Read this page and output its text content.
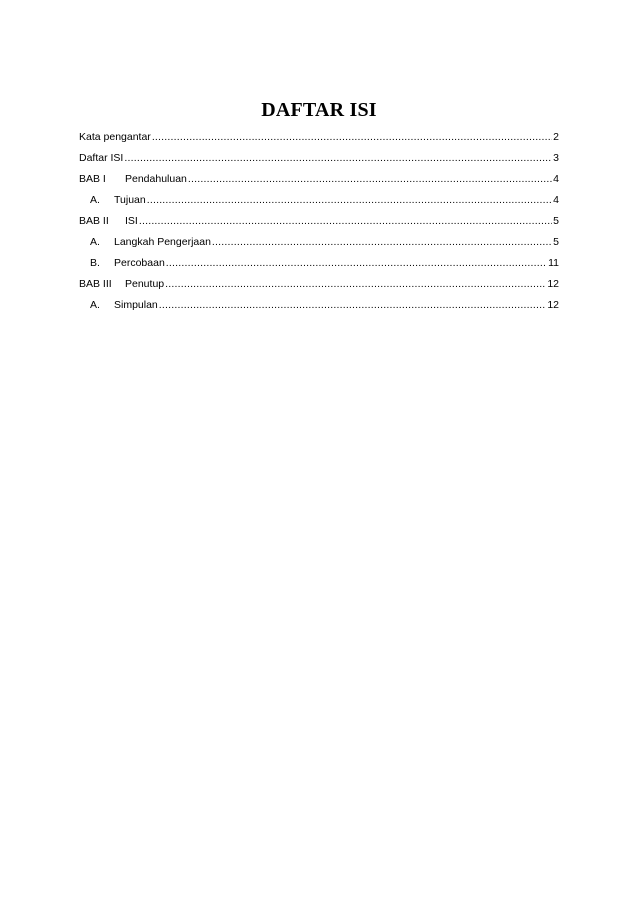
DAFTAR ISI
Kata pengantar .....	2
Daftar ISI .....	3
BAB I	Pendahuluan .....	4
A.	Tujuan .....	4
BAB II	ISI .....	5
A.	Langkah Pengerjaan .....	5
B.	Percobaan .....	11
BAB III	Penutup .....	12
A.	Simpulan .....	12
